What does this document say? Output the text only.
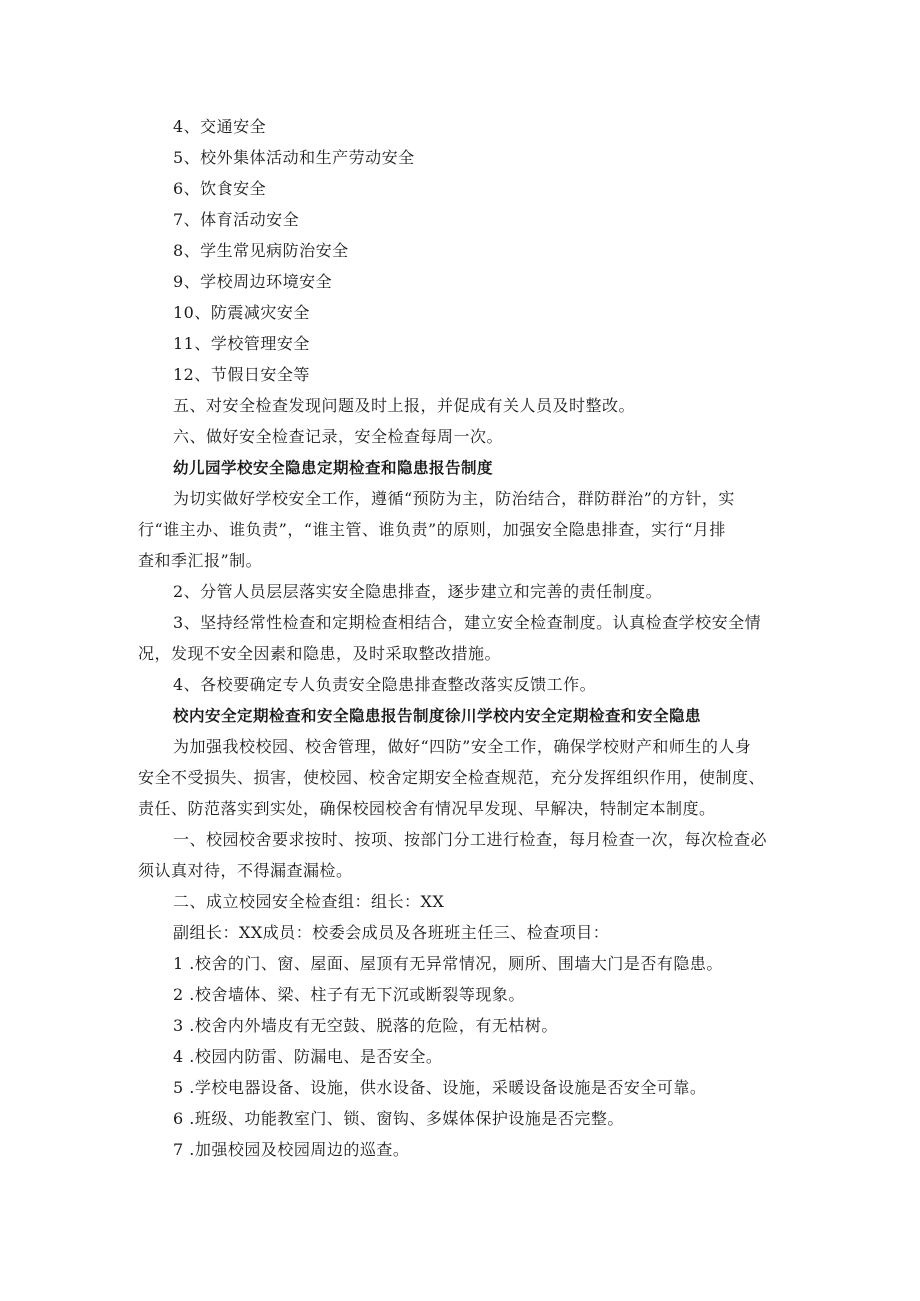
4、交通安全
5、校外集体活动和生产劳动安全
6、饮食安全
7、体育活动安全
8、学生常见病防治安全
9、学校周边环境安全
10、防震减灾安全
11、学校管理安全
12、节假日安全等
五、对安全检查发现问题及时上报，并促成有关人员及时整改。
六、做好安全检查记录，安全检查每周一次。
幼儿园学校安全隐患定期检查和隐患报告制度
为切实做好学校安全工作，遵循“预防为主，防治结合，群防群治”的方针，实
行“谁主办、谁负责”，“谁主管、谁负责”的原则，加强安全隐患排查，实行“月排
查和季汇报”制。
2、分管人员层层落实安全隐患排查，逐步建立和完善的责任制度。
3、坚持经常性检查和定期检查相结合，建立安全检查制度。认真检查学校安全情
况，发现不安全因素和隐患，及时采取整改措施。
4、各校要确定专人负责安全隐患排查整改落实反馈工作。
校内安全定期检查和安全隐患报告制度徐川学校内安全定期检查和安全隐患
为加强我校校园、校舍管理，做好“四防”安全工作，确保学校财产和师生的人身
安全不受损失、损害，使校园、校舍定期安全检查规范，充分发挥组织作用，使制度、
责任、防范落实到实处，确保校园校舍有情况早发现、早解决，特制定本制度。
一、校园校舍要求按时、按项、按部门分工进行检查，每月检查一次，每次检查必
须认真对待，不得漏查漏检。
二、成立校园安全检查组：组长：XX
副组长：XX成员：校委会成员及各班班主任三、检查项目：
1 .校舍的门、窗、屋面、屋顶有无异常情况，厕所、围墙大门是否有隐患。
2 .校舍墙体、梁、柱子有无下沉或断裂等现象。
3 .校舍内外墙皮有无空鼓、脱落的危险，有无枯树。
4 .校园内防雷、防漏电、是否安全。
5 .学校电器设备、设施，供水设备、设施，采暖设备设施是否安全可靠。
6 .班级、功能教室门、锁、窗钩、多媒体保护设施是否完整。
7 .加强校园及校园周边的巡查。
